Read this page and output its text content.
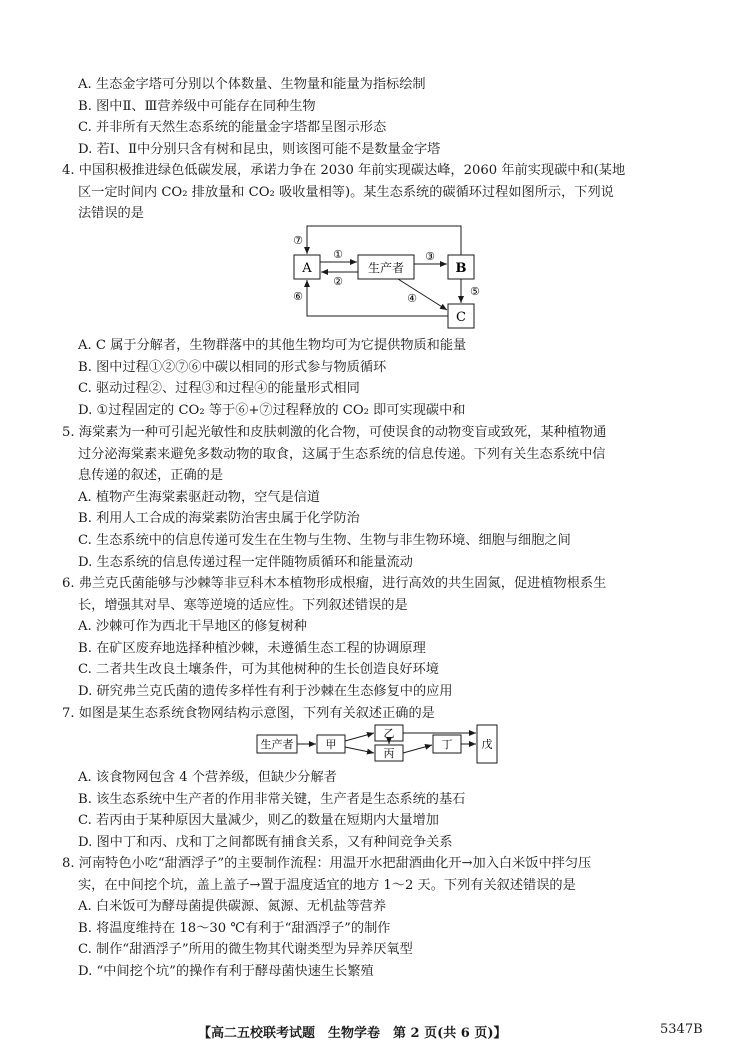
A. 生态金字塔可分别以个体数量、生物量和能量为指标绘制
B. 图中Ⅱ、Ⅲ营养级中可能存在同种生物
C. 并非所有天然生态系统的能量金字塔都呈图示形态
D. 若Ⅰ、Ⅱ中分别只含有树和昆虫，则该图可能不是数量金字塔
4. 中国积极推进绿色低碳发展，承诺力争在 2030 年前实现碳达峰，2060 年前实现碳中和(某地
区一定时间内 CO₂ 排放量和 CO₂ 吸收量相等)。某生态系统的碳循环过程如图所示，下列说
法错误的是
A	生产者	B
C
①
②
③
④
⑤
⑥
⑦
A. C 属于分解者，生物群落中的其他生物均可为它提供物质和能量
B. 图中过程①②⑦⑥中碳以相同的形式参与物质循环
C. 驱动过程②、过程③和过程④的能量形式相同
D. ①过程固定的 CO₂ 等于⑥+⑦过程释放的 CO₂ 即可实现碳中和
5. 海棠素为一种可引起光敏性和皮肤刺激的化合物，可使误食的动物变盲或致死，某种植物通
过分泌海棠素来避免多数动物的取食，这属于生态系统的信息传递。下列有关生态系统中信
息传递的叙述，正确的是
A. 植物产生海棠素驱赶动物，空气是信道
B. 利用人工合成的海棠素防治害虫属于化学防治
C. 生态系统中的信息传递可发生在生物与生物、生物与非生物环境、细胞与细胞之间
D. 生态系统的信息传递过程一定伴随物质循环和能量流动
6. 弗兰克氏菌能够与沙棘等非豆科木本植物形成根瘤，进行高效的共生固氮，促进植物根系生
长，增强其对旱、寒等逆境的适应性。下列叙述错误的是
A. 沙棘可作为西北干旱地区的修复树种
B. 在矿区废弃地选择种植沙棘，未遵循生态工程的协调原理
C. 二者共生改良土壤条件，可为其他树种的生长创造良好环境
D. 研究弗兰克氏菌的遗传多样性有利于沙棘在生态修复中的应用
7. 如图是某生态系统食物网结构示意图，下列有关叙述正确的是
生产者	甲
乙
丙
丁	戊
A. 该食物网包含 4 个营养级，但缺少分解者
B. 该生态系统中生产者的作用非常关键，生产者是生态系统的基石
C. 若丙由于某种原因大量减少，则乙的数量在短期内大量增加
D. 图中丁和丙、戊和丁之间都既有捕食关系，又有种间竞争关系
8. 河南特色小吃“甜酒浮子”的主要制作流程：用温开水把甜酒曲化开→加入白米饭中拌匀压
实，在中间挖个坑，盖上盖子→置于温度适宜的地方 1～2 天。下列有关叙述错误的是
A. 白米饭可为酵母菌提供碳源、氮源、无机盐等营养
B. 将温度维持在 18～30 ℃有利于“甜酒浮子”的制作
C. 制作“甜酒浮子”所用的微生物其代谢类型为异养厌氧型
D. “中间挖个坑”的操作有利于酵母菌快速生长繁殖
【高二五校联考试题　生物学卷　第 2 页(共 6 页)】	5347B
